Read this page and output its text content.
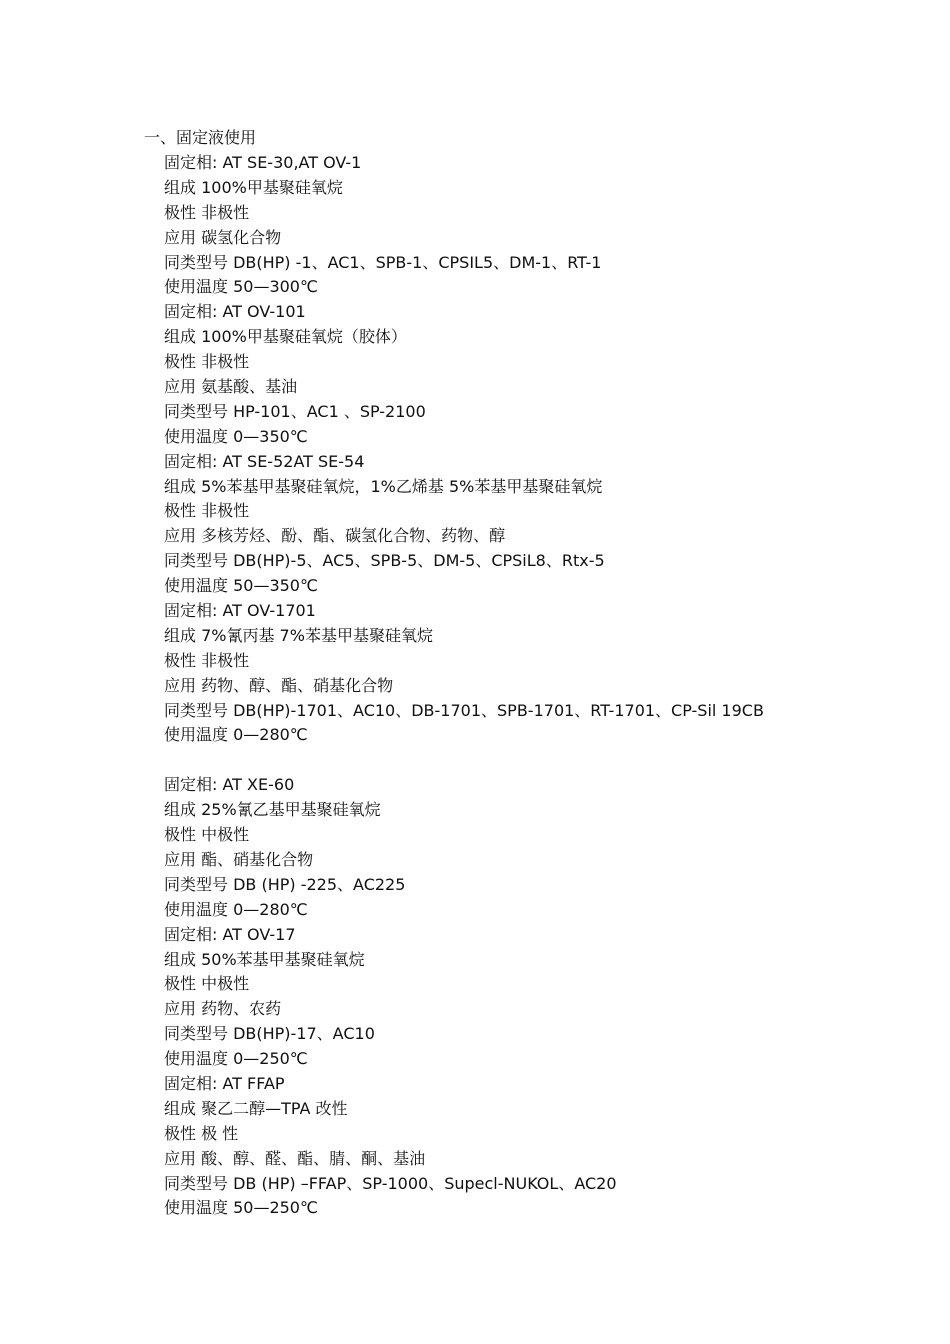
一、固定液使用
固定相: AT SE-30,AT OV-1
组成 100%甲基聚硅氧烷
极性 非极性
应用 碳氢化合物
同类型号 DB(HP) -1、AC1、SPB-1、CPSIL5、DM-1、RT-1
使用温度 50—300℃
固定相: AT OV-101
组成 100%甲基聚硅氧烷（胶体）
极性 非极性
应用 氨基酸、基油
同类型号 HP-101、AC1 、SP-2100
使用温度 0—350℃
固定相: AT SE-52AT SE-54
组成 5%苯基甲基聚硅氧烷，1%乙烯基 5%苯基甲基聚硅氧烷
极性 非极性
应用 多核芳烃、酚、酯、碳氢化合物、药物、醇
同类型号 DB(HP)-5、AC5、SPB-5、DM-5、CPSiL8、Rtx-5
使用温度 50—350℃
固定相: AT OV-1701
组成 7%氰丙基 7%苯基甲基聚硅氧烷
极性 非极性
应用 药物、醇、酯、硝基化合物
同类型号 DB(HP)-1701、AC10、DB-1701、SPB-1701、RT-1701、CP-Sil 19CB
使用温度 0—280℃
固定相: AT XE-60
组成 25%氰乙基甲基聚硅氧烷
极性 中极性
应用 酯、硝基化合物
同类型号 DB (HP) -225、AC225
使用温度 0—280℃
固定相: AT OV-17
组成 50%苯基甲基聚硅氧烷
极性 中极性
应用 药物、农药
同类型号 DB(HP)-17、AC10
使用温度 0—250℃
固定相: AT FFAP
组成 聚乙二醇—TPA 改性
极性 极 性
应用 酸、醇、醛、酯、腈、酮、基油
同类型号 DB (HP) –FFAP、SP-1000、Supecl-NUKOL、AC20
使用温度 50—250℃
